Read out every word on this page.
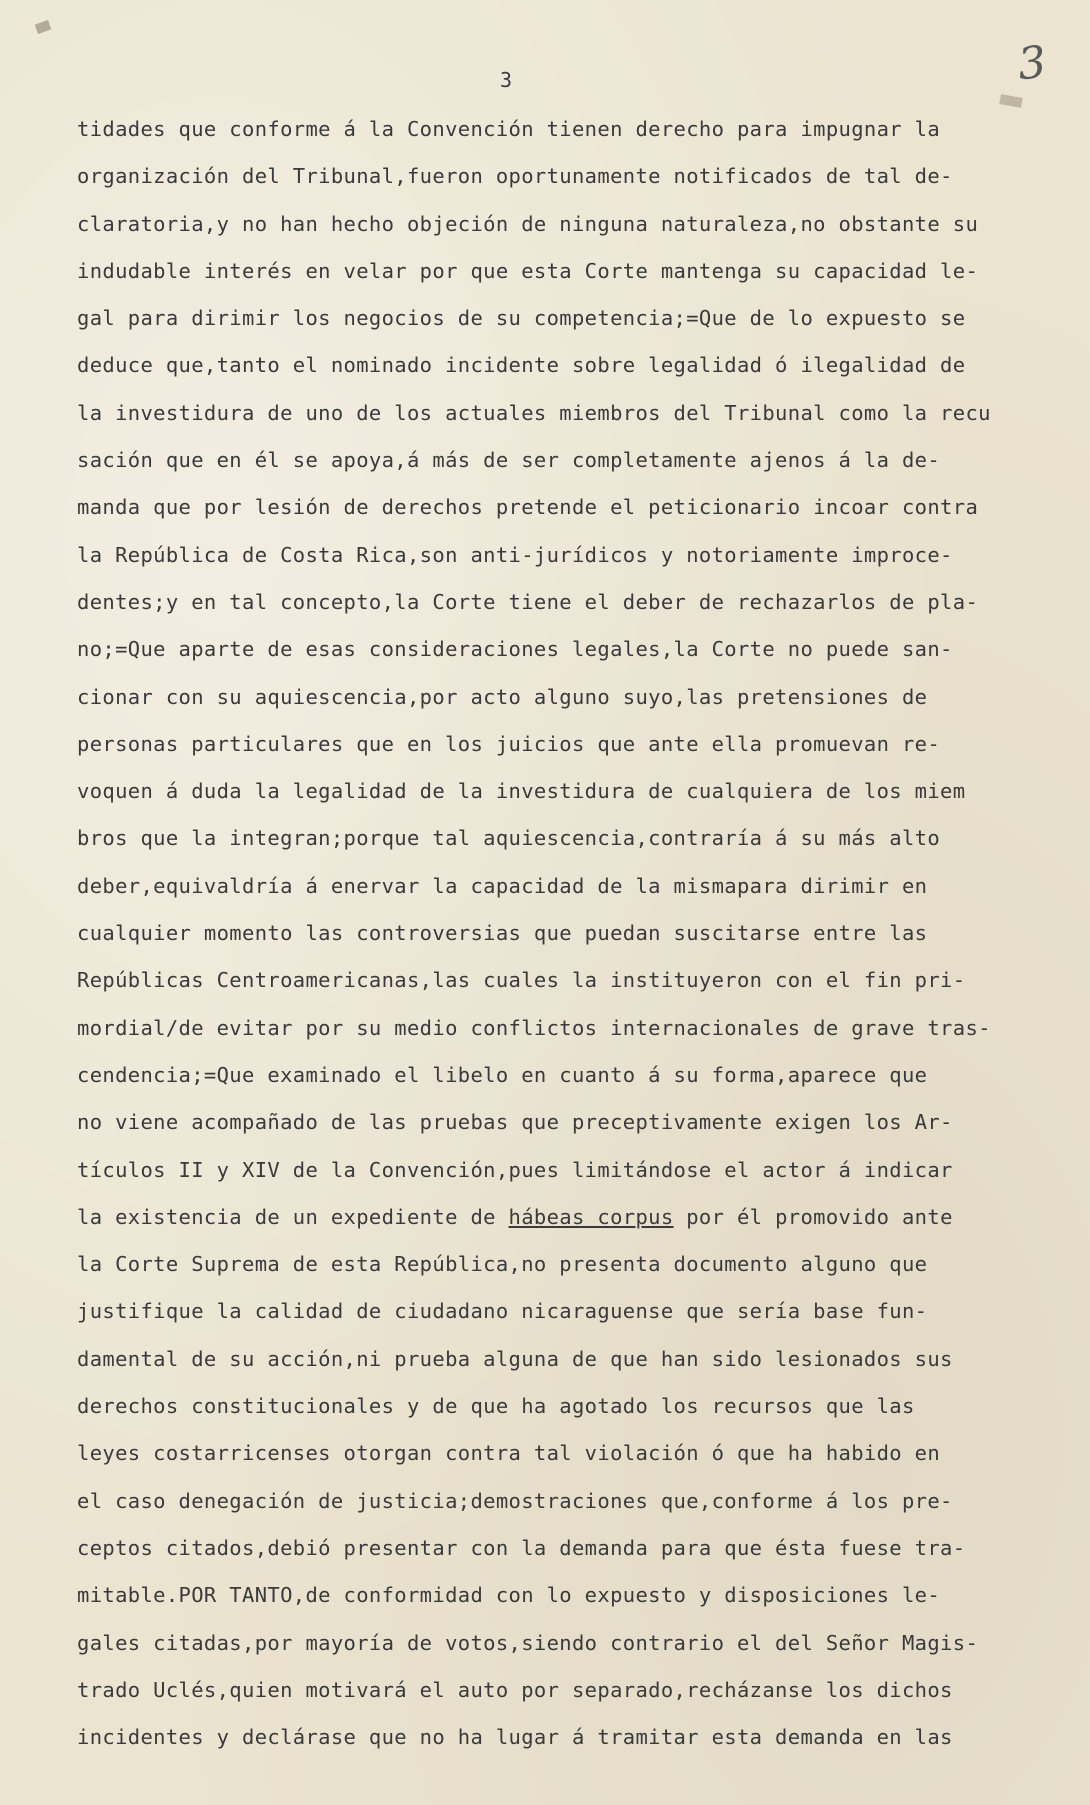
3	3
tidades que conforme á la Convención tienen derecho para impugnar la
organización del Tribunal,fueron oportunamente notificados de tal de-
claratoria,y no han hecho objeción de ninguna naturaleza,no obstante su
indudable interés en velar por que esta Corte mantenga su capacidad le-
gal para dirimir los negocios de su competencia;=Que de lo expuesto se
deduce que,tanto el nominado incidente sobre legalidad ó ilegalidad de
la investidura de uno de los actuales miembros del Tribunal como la recu
sación que en él se apoya,á más de ser completamente ajenos á la de-
manda que por lesión de derechos pretende el peticionario incoar contra
la República de Costa Rica,son anti-jurídicos y notoriamente improce-
dentes;y en tal concepto,la Corte tiene el deber de rechazarlos de pla-
no;=Que aparte de esas consideraciones legales,la Corte no puede san-
cionar con su aquiescencia,por acto alguno suyo,las pretensiones de
personas particulares que en los juicios que ante ella promuevan re-
voquen á duda la legalidad de la investidura de cualquiera de los miem
bros que la integran;porque tal aquiescencia,contraría á su más alto
deber,equivaldría á enervar la capacidad de la mismapara dirimir en
cualquier momento las controversias que puedan suscitarse entre las
Repúblicas Centroamericanas,las cuales la instituyeron con el fin pri-
mordial/de evitar por su medio conflictos internacionales de grave tras-
cendencia;=Que examinado el libelo en cuanto á su forma,aparece que
no viene acompañado de las pruebas que preceptivamente exigen los Ar-
tículos II y XIV de la Convención,pues limitándose el actor á indicar
la existencia de un expediente de hábeas corpus por él promovido ante
la Corte Suprema de esta República,no presenta documento alguno que
justifique la calidad de ciudadano nicaraguense que sería base fun-
damental de su acción,ni prueba alguna de que han sido lesionados sus
derechos constitucionales y de que ha agotado los recursos que las
leyes costarricenses otorgan contra tal violación ó que ha habido en
el caso denegación de justicia;demostraciones que,conforme á los pre-
ceptos citados,debió presentar con la demanda para que ésta fuese tra-
mitable.POR TANTO,de conformidad con lo expuesto y disposiciones le-
gales citadas,por mayoría de votos,siendo contrario el del Señor Magis-
trado Uclés,quien motivará el auto por separado,recházanse los dichos
incidentes y declárase que no ha lugar á tramitar esta demanda en las
